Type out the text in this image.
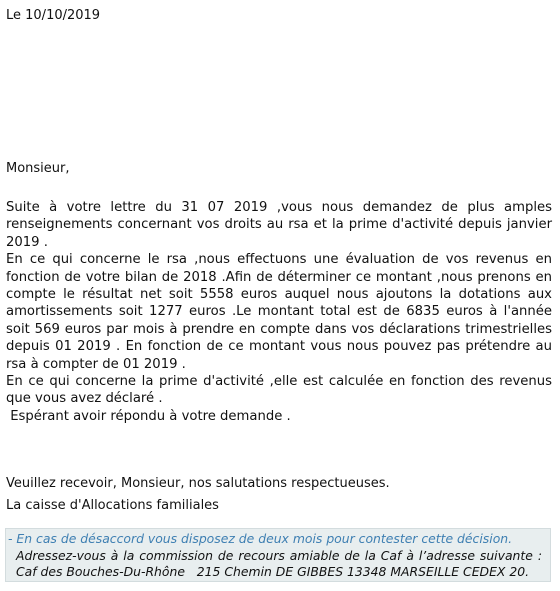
Le 10/10/2019
Monsieur,

Suite à votre lettre du 31 07 2019 ,vous nous demandez de plus amples renseignements concernant vos droits au rsa et la prime d'activité depuis janvier 2019 .

En ce qui concerne le rsa ,nous effectuons une évaluation de vos revenus en fonction de votre bilan de 2018 .Afin de déterminer ce montant ,nous prenons en compte le résultat net soit 5558 euros auquel nous ajoutons la dotations aux amortissements soit 1277 euros .Le montant total est de 6835 euros à l'année soit 569 euros par mois à prendre en compte dans vos déclarations trimestrielles depuis 01 2019 . En fonction de ce montant vous nous pouvez pas prétendre au rsa à compter de 01 2019 .

En ce qui concerne la prime d'activité ,elle est calculée en fonction des revenus que vous avez déclaré .

Espérant avoir répondu à votre demande .

Veuillez recevoir, Monsieur, nos salutations respectueuses.
La caisse d'Allocations familiales
- En cas de désaccord vous disposez de deux mois pour contester cette décision.
Adressez-vous à la commission de recours amiable de la Caf à l’adresse suivante : Caf des Bouches-Du-Rhône   215 Chemin DE GIBBES 13348 MARSEILLE CEDEX 20.
